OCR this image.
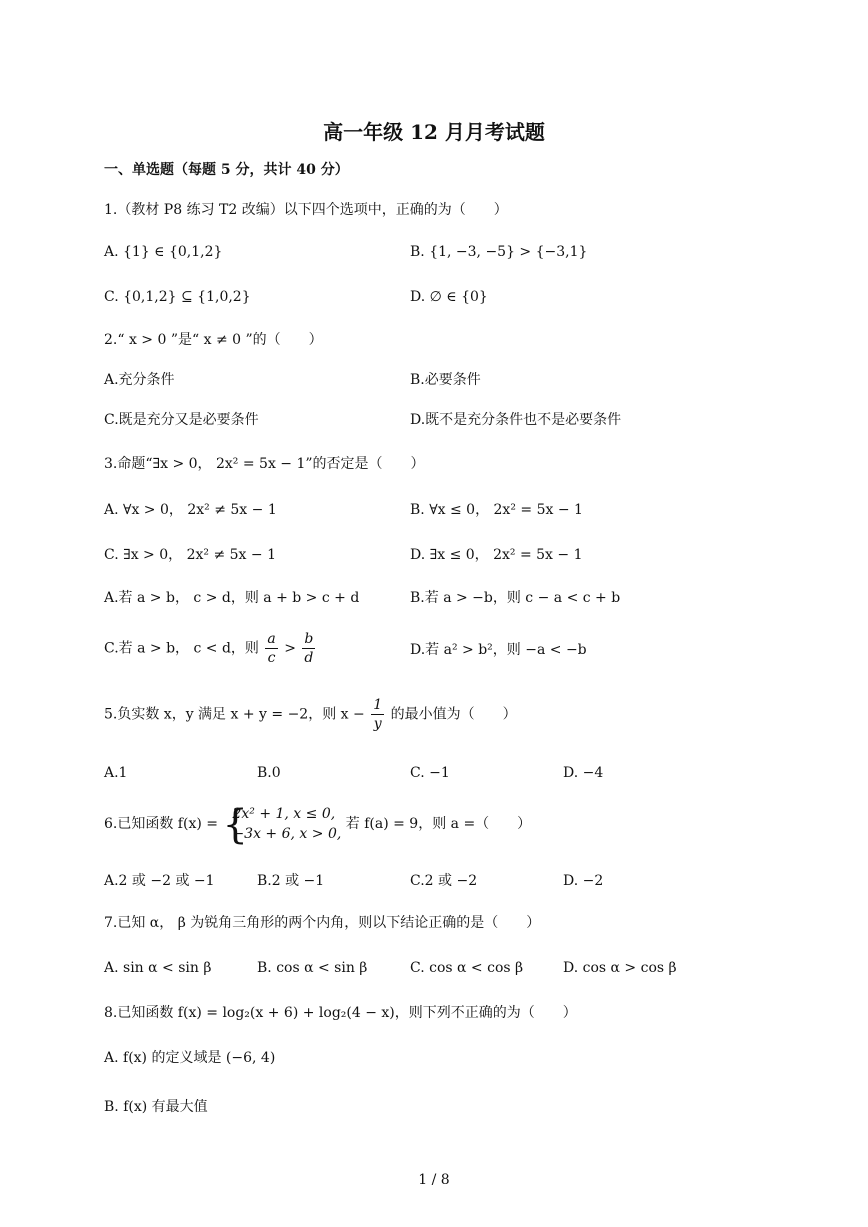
高一年级 12 月月考试题
一、单选题（每题 5 分，共计 40 分）
1.（教材 P8 练习 T2 改编）以下四个选项中，正确的为（　　）
A. {1} ∈ {0,1,2}	B. {1, −3, −5} > {−3,1}
C. {0,1,2} ⊆ {1,0,2}	D. ∅ ∈ {0}
2.“ x > 0 ”是“ x ≠ 0 ”的（　　）
A.充分条件	B.必要条件
C.既是充分又是必要条件	D.既不是充分条件也不是必要条件
3.命题“∃x > 0， 2x² = 5x − 1”的否定是（　　）
A. ∀x > 0， 2x² ≠ 5x − 1	B. ∀x ≤ 0， 2x² = 5x − 1
C. ∃x > 0， 2x² ≠ 5x − 1	D. ∃x ≤ 0， 2x² = 5x − 1
A.若 a > b， c > d，则 a + b > c + d	B.若 a > −b，则 c − a < c + b
C.若 a > b， c < d，则 $\frac{a}{c} > \frac{b}{d}$	D.若 a² > b²，则 −a < −b
5.负实数 x，y 满足 x + y = −2，则 $x - \frac{1}{y}$ 的最小值为（　　）
A.1	B.0	C. −1	D. −4
6.已知函数 f(x) = {
2x² + 1, x ≤ 0,
−3x + 6, x > 0,
若 f(a) = 9，则 a =（　　）
A.2 或 −2 或 −1	B.2 或 −1	C.2 或 −2	D. −2
7.已知 α， β 为锐角三角形的两个内角，则以下结论正确的是（　　）
A. sin α < sin β	B. cos α < sin β	C. cos α < cos β	D. cos α > cos β
8.已知函数 f(x) = log₂(x + 6) + log₂(4 − x)，则下列不正确的为（　　）
A. f(x) 的定义域是 (−6, 4)
B. f(x) 有最大值
1 / 8
